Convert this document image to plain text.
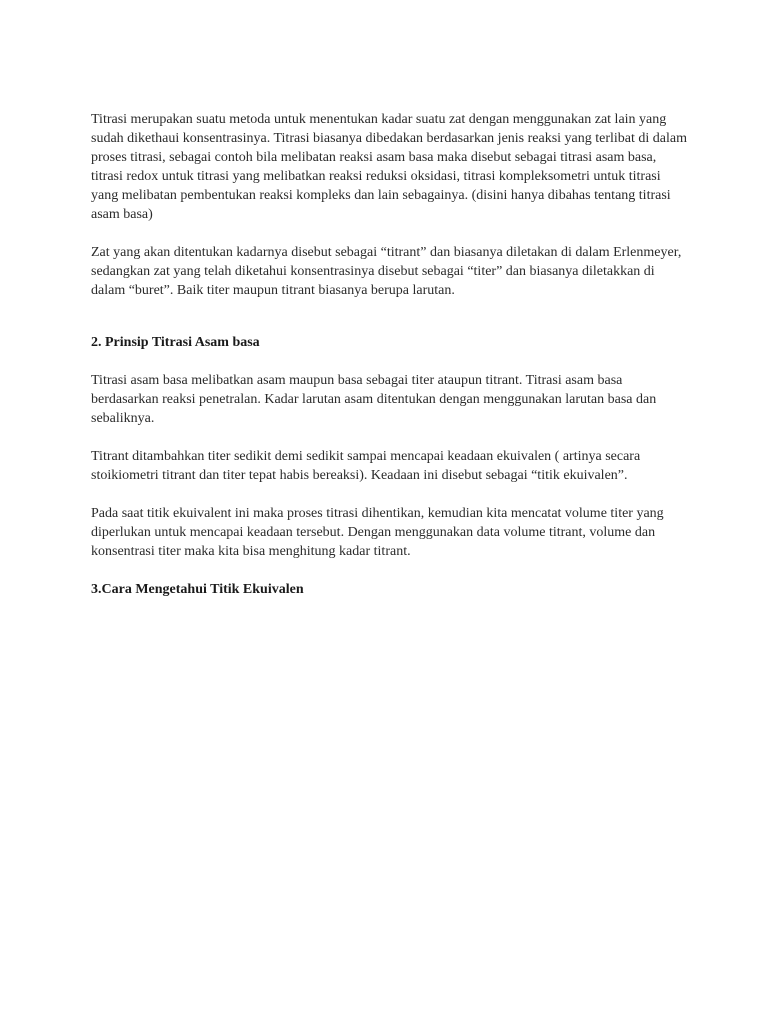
Titrasi merupakan suatu metoda untuk menentukan kadar suatu zat dengan menggunakan zat lain yang sudah dikethaui konsentrasinya. Titrasi biasanya dibedakan berdasarkan jenis reaksi yang terlibat di dalam proses titrasi, sebagai contoh bila melibatan reaksi asam basa maka disebut sebagai titrasi asam basa, titrasi redox untuk titrasi yang melibatkan reaksi reduksi oksidasi, titrasi kompleksometri untuk titrasi yang melibatan pembentukan reaksi kompleks dan lain sebagainya. (disini hanya dibahas tentang titrasi asam basa)

Zat yang akan ditentukan kadarnya disebut sebagai “titrant” dan biasanya diletakan di dalam Erlenmeyer, sedangkan zat yang telah diketahui konsentrasinya disebut sebagai “titer” dan biasanya diletakkan di dalam “buret”. Baik titer maupun titrant biasanya berupa larutan.

2. Prinsip Titrasi Asam basa

Titrasi asam basa melibatkan asam maupun basa sebagai titer ataupun titrant. Titrasi asam basa berdasarkan reaksi penetralan. Kadar larutan asam ditentukan dengan menggunakan larutan basa dan sebaliknya.

Titrant ditambahkan titer sedikit demi sedikit sampai mencapai keadaan ekuivalen ( artinya secara stoikiometri titrant dan titer tepat habis bereaksi). Keadaan ini disebut sebagai “titik ekuivalen”.

Pada saat titik ekuivalent ini maka proses titrasi dihentikan, kemudian kita mencatat volume titer yang diperlukan untuk mencapai keadaan tersebut. Dengan menggunakan data volume titrant, volume dan konsentrasi titer maka kita bisa menghitung kadar titrant.

3.Cara Mengetahui Titik Ekuivalen
